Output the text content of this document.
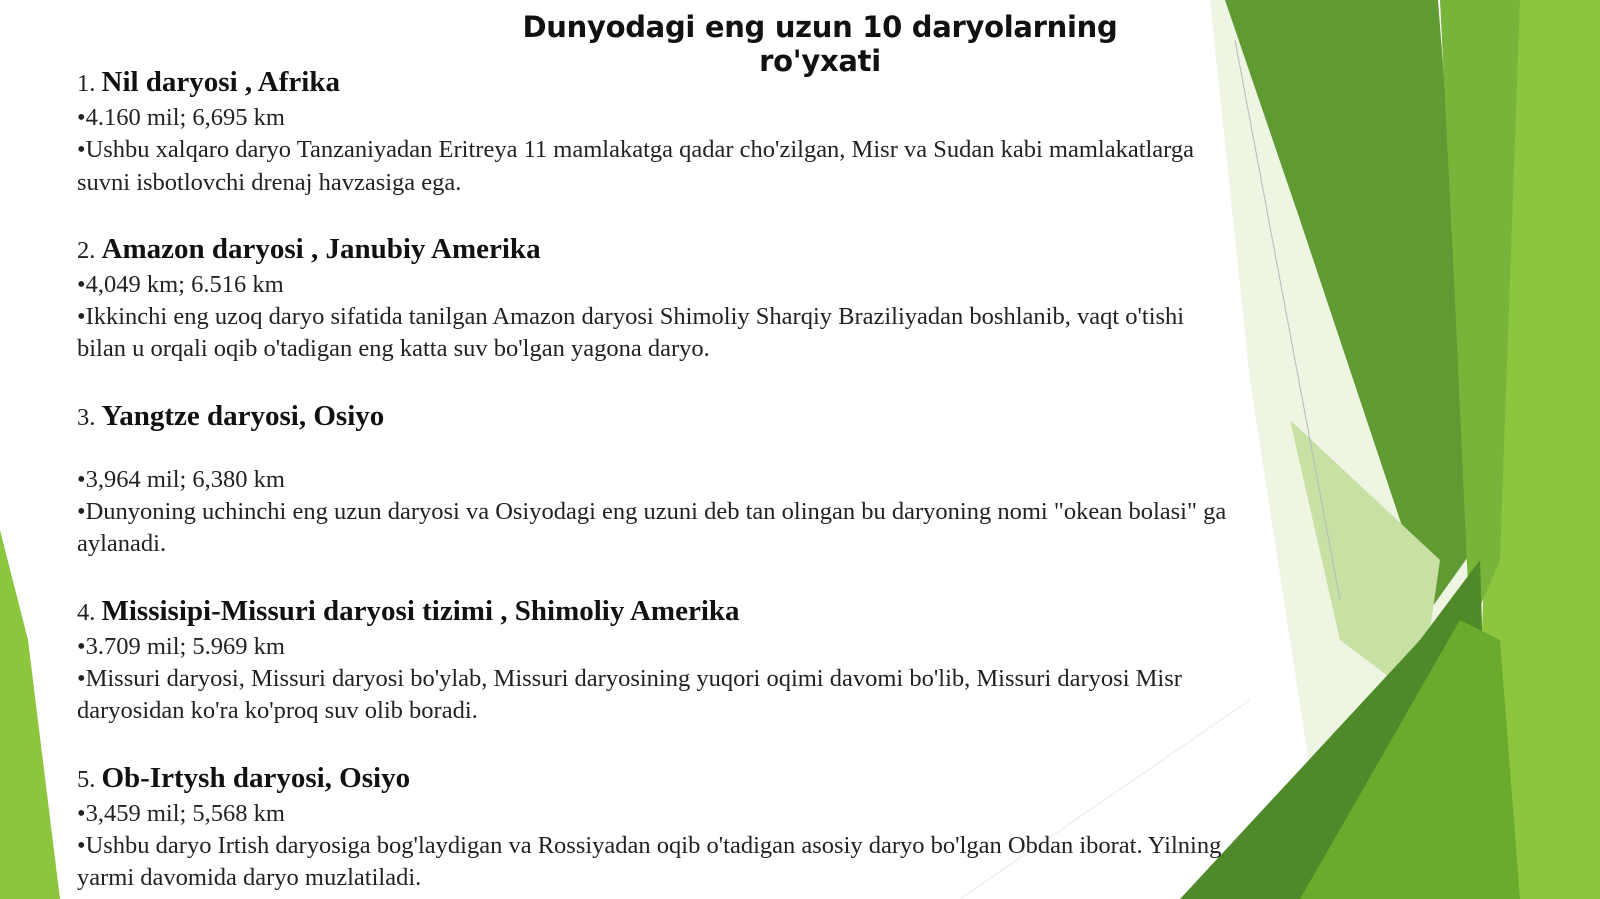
Dunyodagi eng uzun 10 daryolarning ro'yxati

1. Nil daryosi , Afrika

•4.160 mil; 6,695 km

•Ushbu xalqaro daryo Tanzaniyadan Eritreya 11 mamlakatga qadar cho'zilgan, Misr va Sudan kabi mamlakatlarga suvni isbotlovchi drenaj havzasiga ega.

2. Amazon daryosi , Janubiy Amerika

•4,049 km; 6.516 km

•Ikkinchi eng uzoq daryo sifatida tanilgan Amazon daryosi Shimoliy Sharqiy Braziliyadan boshlanib, vaqt o'tishi bilan u orqali oqib o'tadigan eng katta suv bo'lgan yagona daryo.

3. Yangtze daryosi, Osiyo

•3,964 mil; 6,380 km

•Dunyoning uchinchi eng uzun daryosi va Osiyodagi eng uzuni deb tan olingan bu daryoning nomi "okean bolasi" ga aylanadi.

4. Missisipi-Missuri daryosi tizimi , Shimoliy Amerika

•3.709 mil; 5.969 km

•Missuri daryosi, Missuri daryosi bo'ylab, Missuri daryosining yuqori oqimi davomi bo'lib, Missuri daryosi Misr daryosidan ko'ra ko'proq suv olib boradi.

5. Ob-Irtysh daryosi, Osiyo

•3,459 mil; 5,568 km

•Ushbu daryo Irtish daryosiga bog'laydigan va Rossiyadan oqib o'tadigan asosiy daryo bo'lgan Obdan iborat. Yilning yarmi davomida daryo muzlatiladi.
